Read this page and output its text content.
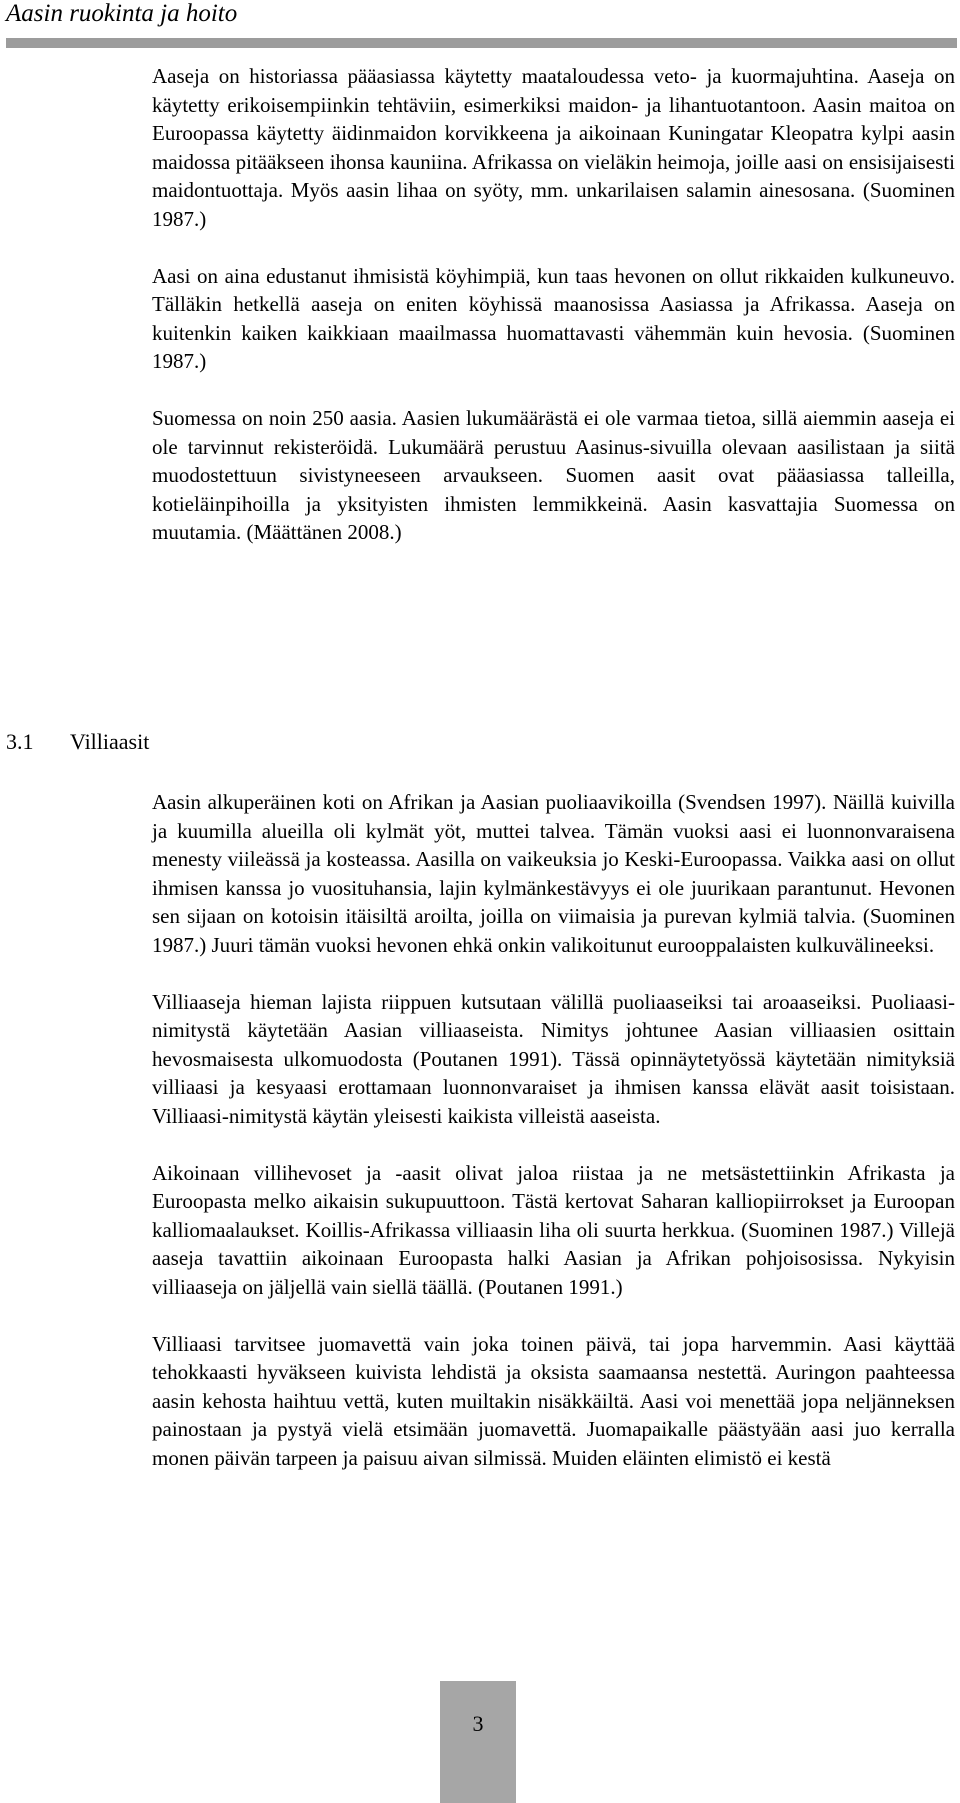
Aasin ruokinta ja hoito

Aaseja on historiassa pääasiassa käytetty maataloudessa veto- ja kuormajuhtina. Aaseja on käytetty erikoisempiinkin tehtäviin, esimerkiksi maidon- ja lihantuotantoon. Aasin maitoa on Euroopassa käytetty äidinmaidon korvikkeena ja aikoinaan Kuningatar Kleopatra kylpi aasin maidossa pitääkseen ihonsa kauniina. Afrikassa on vieläkin heimoja, joille aasi on ensisijaisesti maidontuottaja. Myös aasin lihaa on syöty, mm. unkarilaisen salamin ainesosana. (Suominen 1987.)

Aasi on aina edustanut ihmisistä köyhimpiä, kun taas hevonen on ollut rikkaiden kulkuneuvo. Tälläkin hetkellä aaseja on eniten köyhissä maanosissa Aasiassa ja Afrikassa. Aaseja on kuitenkin kaiken kaikkiaan maailmassa huomattavasti vähemmän kuin hevosia. (Suominen 1987.)

Suomessa on noin 250 aasia. Aasien lukumäärästä ei ole varmaa tietoa, sillä aiemmin aaseja ei ole tarvinnut rekisteröidä. Lukumäärä perustuu Aasinus-sivuilla olevaan aasilistaan ja siitä muodostettuun sivistyneeseen arvaukseen. Suomen aasit ovat pääasiassa talleilla, kotieläinpihoilla ja yksityisten ihmisten lemmikkeinä. Aasin kasvattajia Suomessa on muutamia. (Määttänen 2008.)

3.1 Villiaasit

Aasin alkuperäinen koti on Afrikan ja Aasian puoliaavikoilla (Svendsen 1997). Näillä kuivilla ja kuumilla alueilla oli kylmät yöt, muttei talvea. Tämän vuoksi aasi ei luonnonvaraisena menesty viileässä ja kosteassa. Aasilla on vaikeuksia jo Keski-Euroopassa. Vaikka aasi on ollut ihmisen kanssa jo vuosituhansia, lajin kylmänkestävyys ei ole juurikaan parantunut. Hevonen sen sijaan on kotoisin itäisiltä aroilta, joilla on viimaisia ja purevan kylmiä talvia. (Suominen 1987.) Juuri tämän vuoksi hevonen ehkä onkin valikoitunut eurooppalaisten kulkuvälineeksi.

Villiaaseja hieman lajista riippuen kutsutaan välillä puoliaaseiksi tai aroaaseiksi. Puoliaasi-nimitystä käytetään Aasian villiaaseista. Nimitys johtunee Aasian villiaasien osittain hevosmaisesta ulkomuodosta (Poutanen 1991). Tässä opinnäytetyössä käytetään nimityksiä villiaasi ja kesyaasi erottamaan luonnonvaraiset ja ihmisen kanssa elävät aasit toisistaan. Villiaasi-nimitystä käytän yleisesti kaikista villeistä aaseista.

Aikoinaan villihevoset ja -aasit olivat jaloa riistaa ja ne metsästettiinkin Afrikasta ja Euroopasta melko aikaisin sukupuuttoon. Tästä kertovat Saharan kalliopiirrokset ja Euroopan kalliomaalaukset. Koillis-Afrikassa villiaasin liha oli suurta herkkua. (Suominen 1987.) Villejä aaseja tavattiin aikoinaan Euroopasta halki Aasian ja Afrikan pohjoisosissa. Nykyisin villiaaseja on jäljellä vain siellä täällä. (Poutanen 1991.)

Villiaasi tarvitsee juomavettä vain joka toinen päivä, tai jopa harvemmin. Aasi käyttää tehokkaasti hyväkseen kuivista lehdistä ja oksista saamaansa nestettä. Auringon paahteessa aasin kehosta haihtuu vettä, kuten muiltakin nisäkkäiltä. Aasi voi menettää jopa neljänneksen painostaan ja pystyä vielä etsimään juomavettä. Juomapaikalle päästyään aasi juo kerralla monen päivän tarpeen ja paisuu aivan silmissä. Muiden eläinten elimistö ei kestä

3
